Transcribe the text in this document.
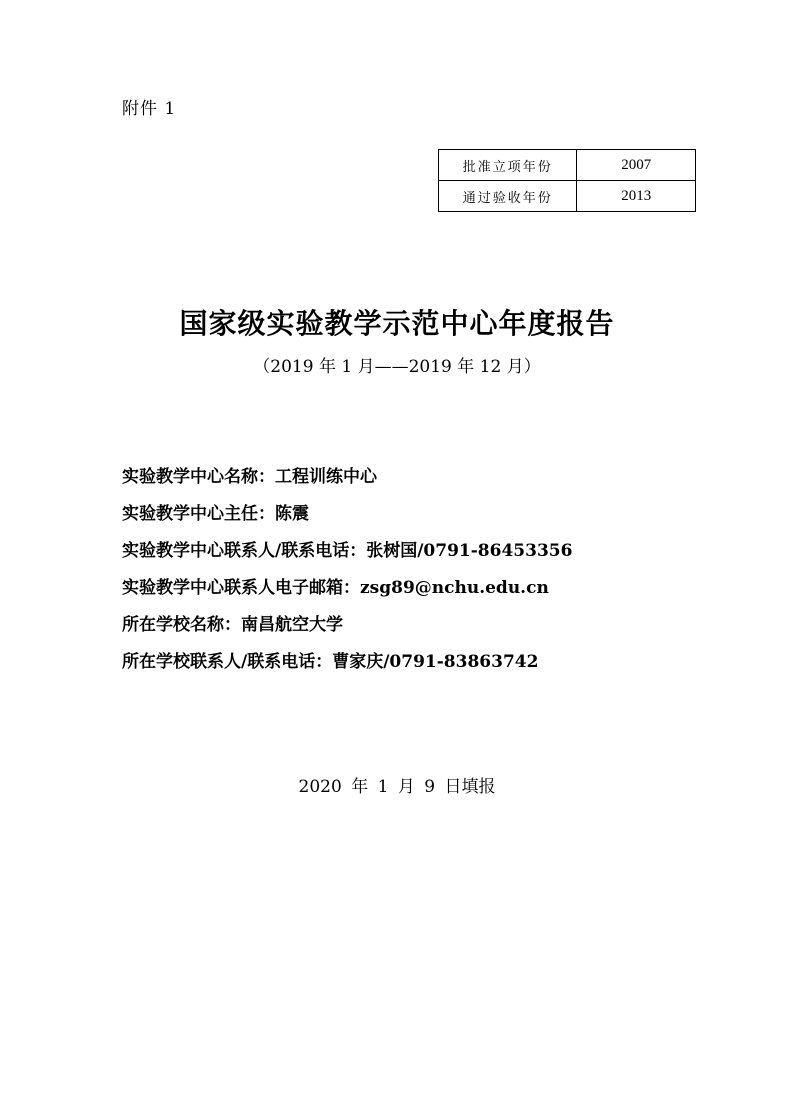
附件 1
批准立项年份	2007
通过验收年份	2013
国家级实验教学示范中心年度报告
（2019 年 1 月——2019 年 12 月）
实验教学中心名称：工程训练中心
实验教学中心主任：陈震
实验教学中心联系人/联系电话：张树国/0791-86453356
实验教学中心联系人电子邮箱：zsg89@nchu.edu.cn
所在学校名称：南昌航空大学
所在学校联系人/联系电话：曹家庆/0791-83863742
2020 年 1 月 9 日填报
